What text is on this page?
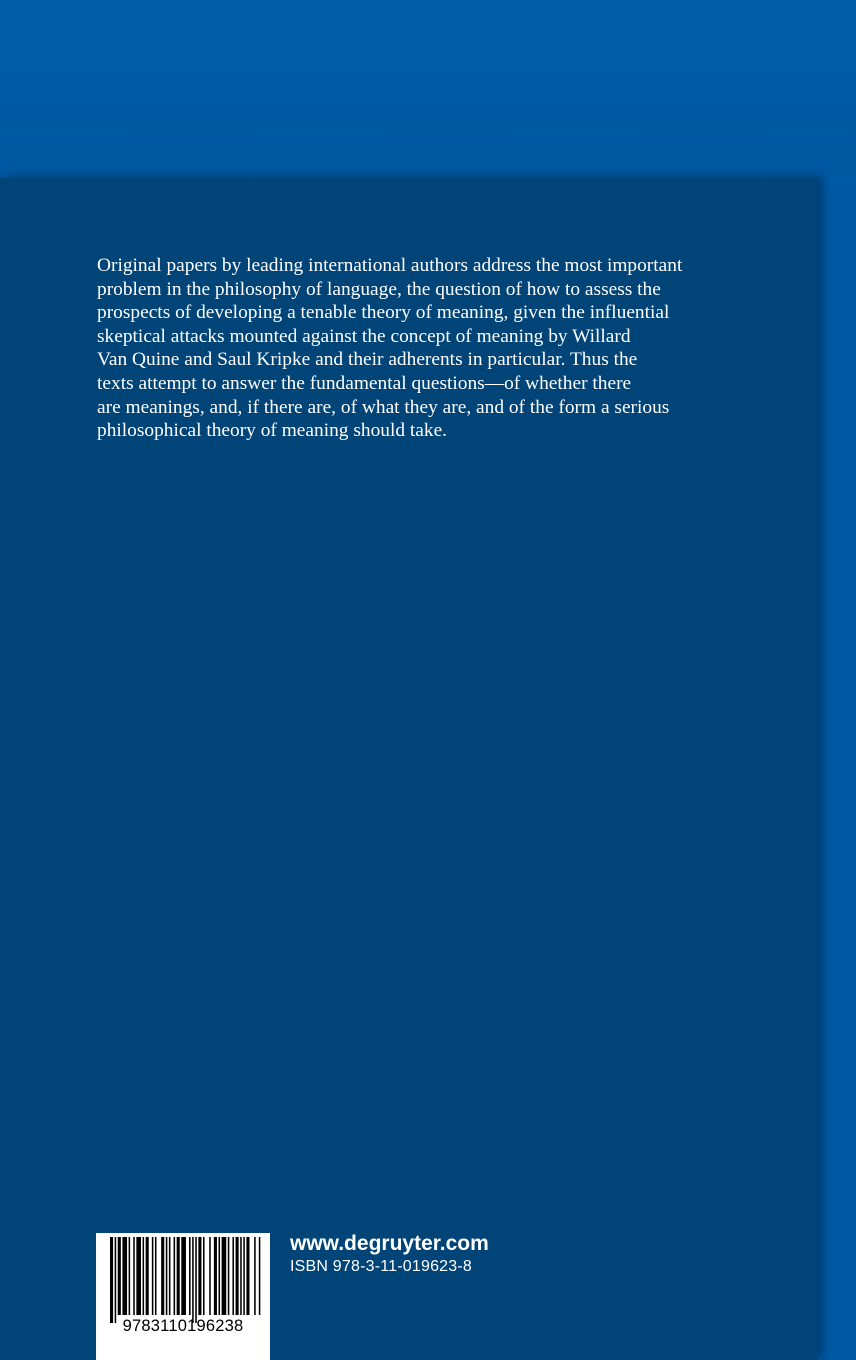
Original papers by leading international authors address the most important
problem in the philosophy of language, the question of how to assess the
prospects of developing a tenable theory of meaning, given the influential
skeptical attacks mounted against the concept of meaning by Willard
Van Quine and Saul Kripke and their adherents in particular. Thus the
texts attempt to answer the fundamental questions—of whether there
are meanings, and, if there are, of what they are, and of the form a serious
philosophical theory of meaning should take.

9783110196238
www.degruyter.com
ISBN 978-3-11-019623-8
